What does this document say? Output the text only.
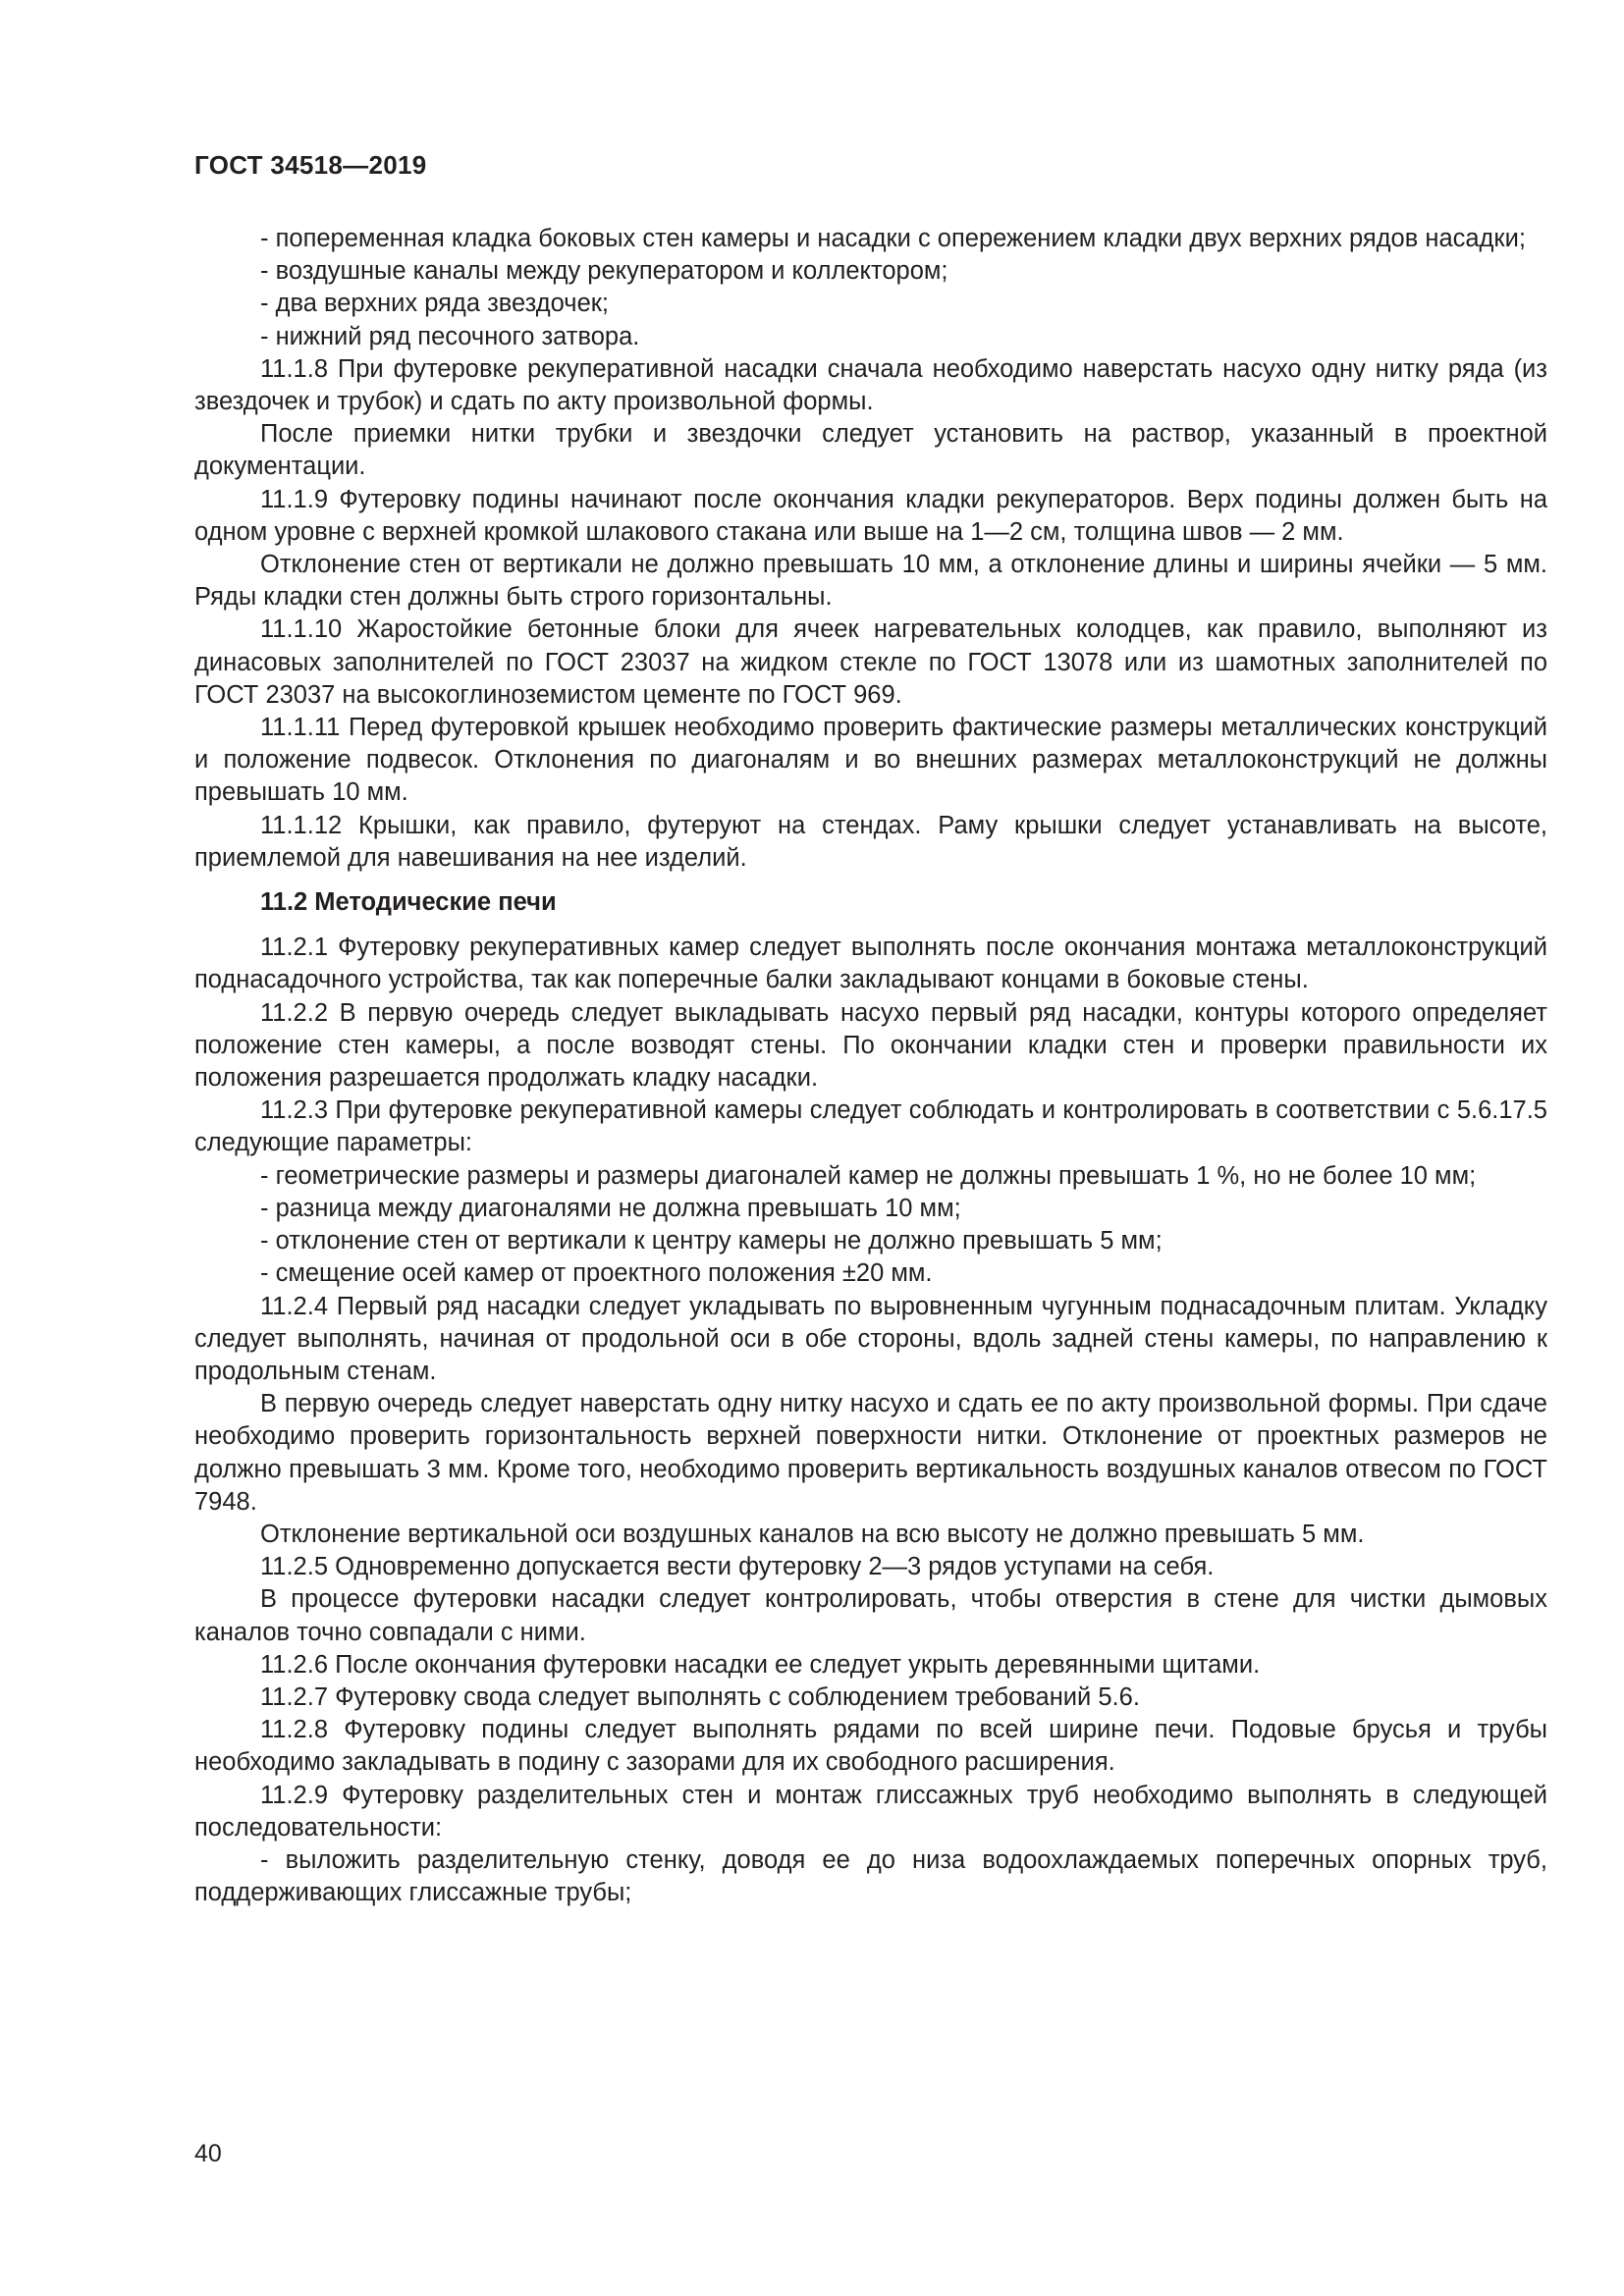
ГОСТ 34518—2019

- попеременная кладка боковых стен камеры и насадки с опережением кладки двух верхних рядов насадки;

- воздушные каналы между рекуператором и коллектором;

- два верхних ряда звездочек;

- нижний ряд песочного затвора.

11.1.8 При футеровке рекуперативной насадки сначала необходимо наверстать насухо одну нитку ряда (из звездочек и трубок) и сдать по акту произвольной формы.

После приемки нитки трубки и звездочки следует установить на раствор, указанный в проектной документации.

11.1.9 Футеровку подины начинают после окончания кладки рекуператоров. Верх подины должен быть на одном уровне с верхней кромкой шлакового стакана или выше на 1—2 см, толщина швов — 2 мм.

Отклонение стен от вертикали не должно превышать 10 мм, а отклонение длины и ширины ячейки — 5 мм. Ряды кладки стен должны быть строго горизонтальны.

11.1.10 Жаростойкие бетонные блоки для ячеек нагревательных колодцев, как правило, выполняют из динасовых заполнителей по ГОСТ 23037 на жидком стекле по ГОСТ 13078 или из шамотных заполнителей по ГОСТ 23037 на высокоглиноземистом цементе по ГОСТ 969.

11.1.11 Перед футеровкой крышек необходимо проверить фактические размеры металлических конструкций и положение подвесок. Отклонения по диагоналям и во внешних размерах металлоконструкций не должны превышать 10 мм.

11.1.12 Крышки, как правило, футеруют на стендах. Раму крышки следует устанавливать на высоте, приемлемой для навешивания на нее изделий.

11.2 Методические печи

11.2.1 Футеровку рекуперативных камер следует выполнять после окончания монтажа металлоконструкций поднасадочного устройства, так как поперечные балки закладывают концами в боковые стены.

11.2.2 В первую очередь следует выкладывать насухо первый ряд насадки, контуры которого определяет положение стен камеры, а после возводят стены. По окончании кладки стен и проверки правильности их положения разрешается продолжать кладку насадки.

11.2.3 При футеровке рекуперативной камеры следует соблюдать и контролировать в соответствии с 5.6.17.5 следующие параметры:

- геометрические размеры и размеры диагоналей камер не должны превышать 1 %, но не более 10 мм;

- разница между диагоналями не должна превышать 10 мм;

- отклонение стен от вертикали к центру камеры не должно превышать 5 мм;

- смещение осей камер от проектного положения ±20 мм.

11.2.4 Первый ряд насадки следует укладывать по выровненным чугунным поднасадочным плитам. Укладку следует выполнять, начиная от продольной оси в обе стороны, вдоль задней стены камеры, по направлению к продольным стенам.

В первую очередь следует наверстать одну нитку насухо и сдать ее по акту произвольной формы. При сдаче необходимо проверить горизонтальность верхней поверхности нитки. Отклонение от проектных размеров не должно превышать 3 мм. Кроме того, необходимо проверить вертикальность воздушных каналов отвесом по ГОСТ 7948.

Отклонение вертикальной оси воздушных каналов на всю высоту не должно превышать 5 мм.

11.2.5 Одновременно допускается вести футеровку 2—3 рядов уступами на себя.

В процессе футеровки насадки следует контролировать, чтобы отверстия в стене для чистки дымовых каналов точно совпадали с ними.

11.2.6 После окончания футеровки насадки ее следует укрыть деревянными щитами.

11.2.7 Футеровку свода следует выполнять с соблюдением требований 5.6.

11.2.8 Футеровку подины следует выполнять рядами по всей ширине печи. Подовые брусья и трубы необходимо закладывать в подину с зазорами для их свободного расширения.

11.2.9 Футеровку разделительных стен и монтаж глиссажных труб необходимо выполнять в следующей последовательности:

- выложить разделительную стенку, доводя ее до низа водоохлаждаемых поперечных опорных труб, поддерживающих глиссажные трубы;

40
